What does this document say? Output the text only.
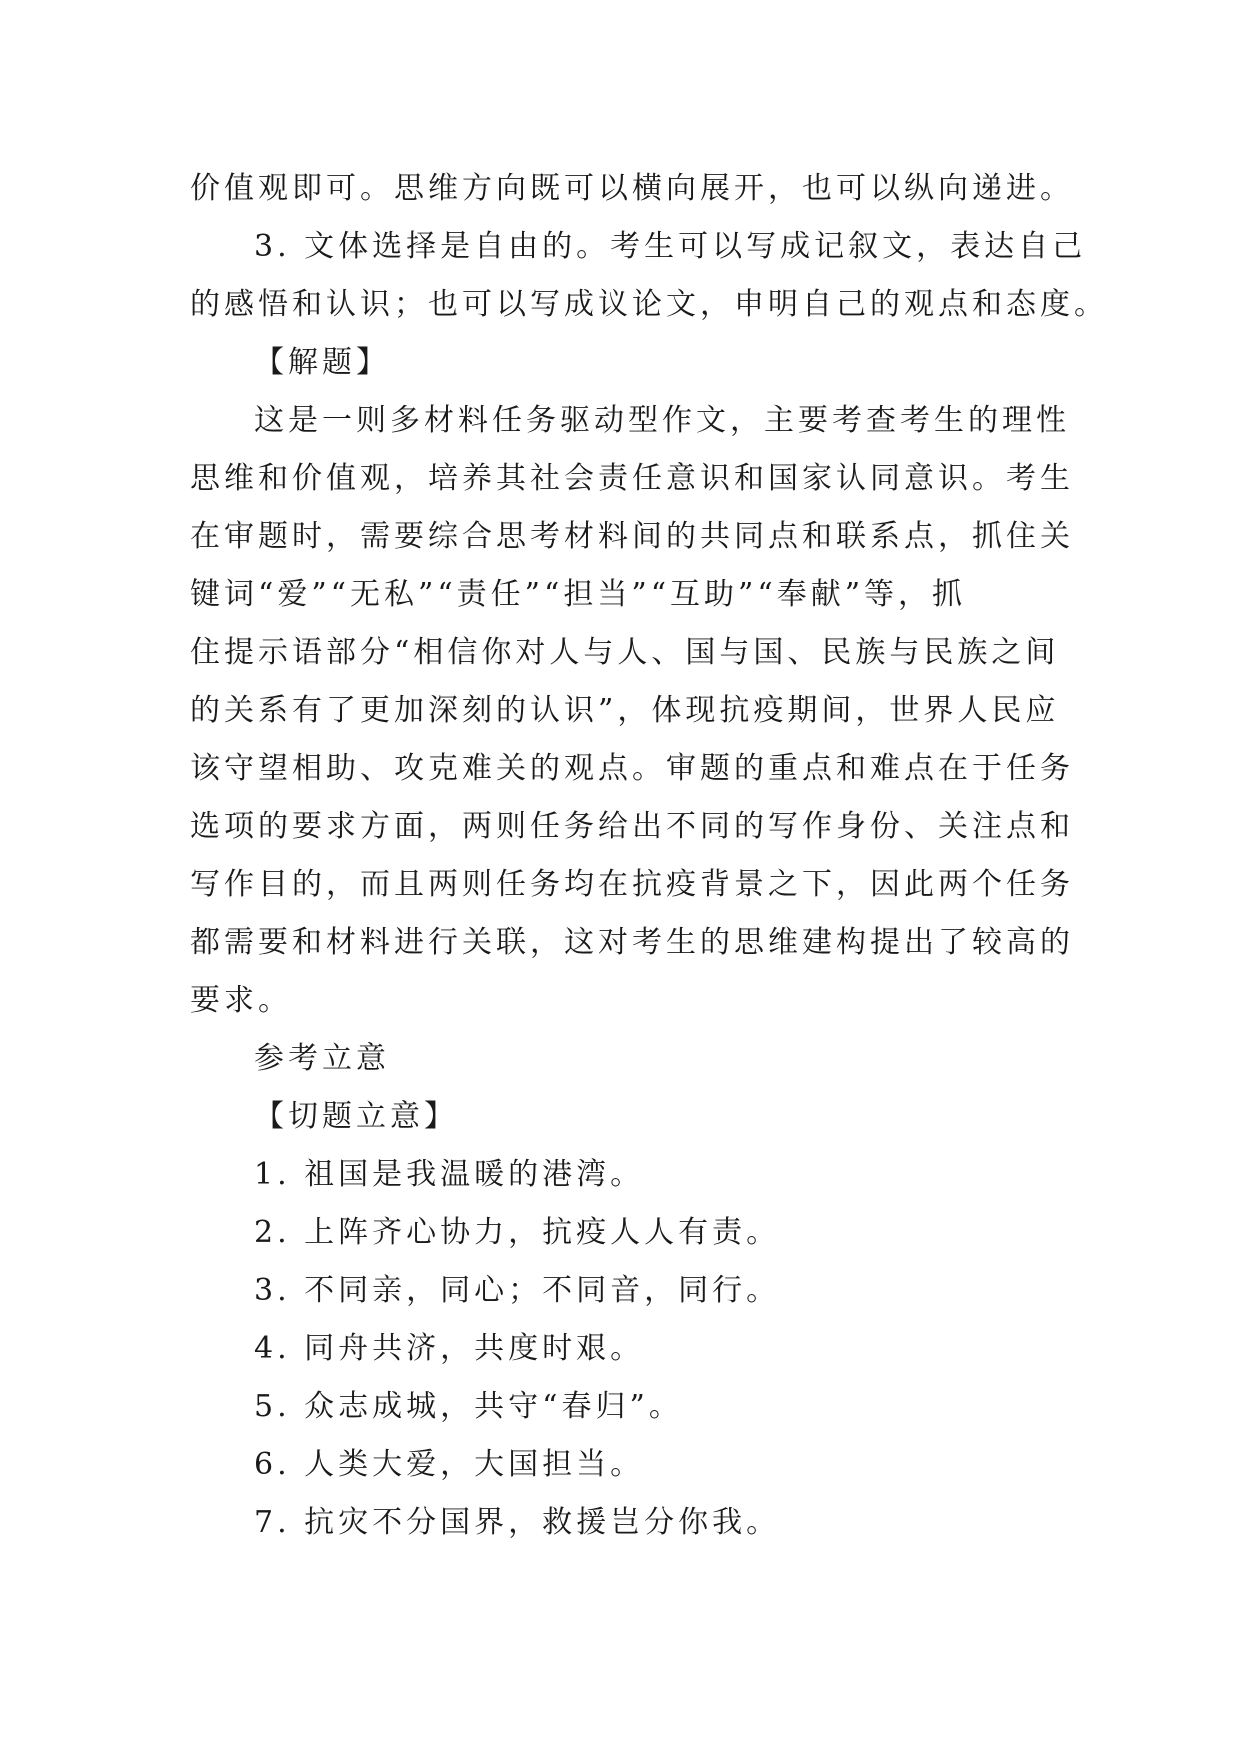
价值观即可。思维方向既可以横向展开，也可以纵向递进。
3. 文体选择是自由的。考生可以写成记叙文，表达自己
的感悟和认识；也可以写成议论文，申明自己的观点和态度。
【解题】
这是一则多材料任务驱动型作文，主要考查考生的理性
思维和价值观，培养其社会责任意识和国家认同意识。考生
在审题时，需要综合思考材料间的共同点和联系点，抓住关
键词“爱”“无私”“责任”“担当”“互助”“奉献”等，抓
住提示语部分“相信你对人与人、国与国、民族与民族之间
的关系有了更加深刻的认识”，体现抗疫期间，世界人民应
该守望相助、攻克难关的观点。审题的重点和难点在于任务
选项的要求方面，两则任务给出不同的写作身份、关注点和
写作目的，而且两则任务均在抗疫背景之下，因此两个任务
都需要和材料进行关联，这对考生的思维建构提出了较高的
要求。
参考立意
【切题立意】
1. 祖国是我温暖的港湾。
2. 上阵齐心协力，抗疫人人有责。
3. 不同亲，同心；不同音，同行。
4. 同舟共济，共度时艰。
5. 众志成城，共守“春归”。
6. 人类大爱，大国担当。
7. 抗灾不分国界，救援岂分你我。
